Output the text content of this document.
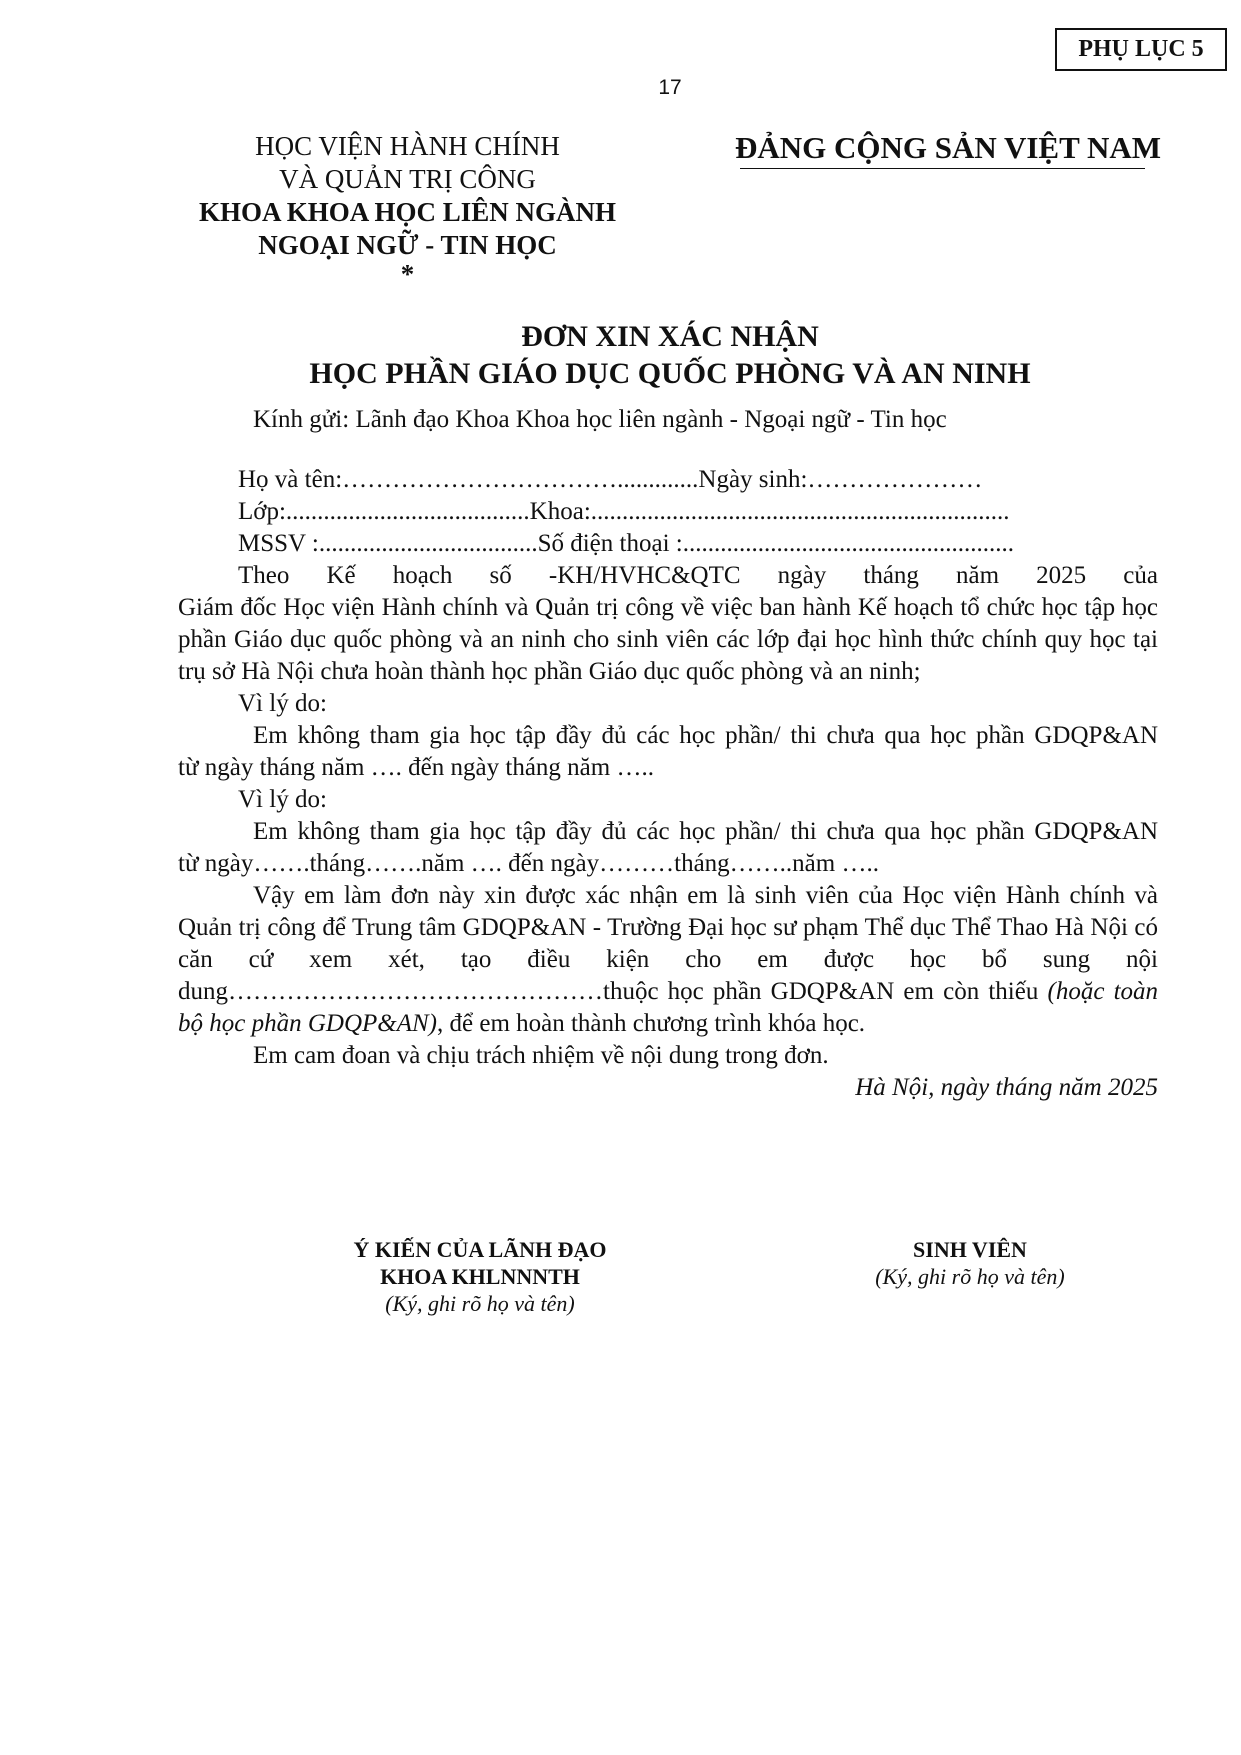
PHỤ LỤC 5
17
HỌC VIỆN HÀNH CHÍNH
VÀ QUẢN TRỊ CÔNG
KHOA KHOA HỌC LIÊN NGÀNH
NGOẠI NGỮ - TIN HỌC
*
ĐẢNG CỘNG SẢN VIỆT NAM
ĐƠN XIN XÁC NHẬN
HỌC PHẦN GIÁO DỤC QUỐC PHÒNG VÀ AN NINH
Kính gửi: Lãnh đạo Khoa Khoa học liên ngành - Ngoại ngữ - Tin học
Họ và tên:…………………………….............Ngày sinh:…………………
Lớp:.......................................Khoa:...................................................................
MSSV :...................................Số điện thoại :.....................................................
Theo Kế hoạch số -KH/HVHC&QTC ngày tháng năm 2025 của
Giám đốc Học viện Hành chính và Quản trị công về việc ban hành Kế hoạch tổ chức học tập học phần Giáo dục quốc phòng và an ninh cho sinh viên các lớp đại học hình thức chính quy học tại trụ sở Hà Nội chưa hoàn thành học phần Giáo dục quốc phòng và an ninh;
Vì lý do:
Em không tham gia học tập đầy đủ các học phần/ thi chưa qua học phần GDQP&AN
từ ngày tháng năm …. đến ngày tháng năm …..
Vì lý do:
Em không tham gia học tập đầy đủ các học phần/ thi chưa qua học phần GDQP&AN
từ ngày…….tháng…….năm …. đến ngày………tháng……..năm …..
Vậy em làm đơn này xin được xác nhận em là sinh viên của Học viện Hành chính và Quản trị công để Trung tâm GDQP&AN - Trường Đại học sư phạm Thể dục Thể Thao Hà Nội có căn cứ xem xét, tạo điều kiện cho em được học bổ sung nội dung………………………………………thuộc học phần GDQP&AN em còn thiếu (hoặc toàn bộ học phần GDQP&AN), để em hoàn thành chương trình khóa học.
Em cam đoan và chịu trách nhiệm về nội dung trong đơn.
Hà Nội, ngày tháng năm 2025
Ý KIẾN CỦA LÃNH ĐẠO
KHOA KHLNNNTH
(Ký, ghi rõ họ và tên)
SINH VIÊN
(Ký, ghi rõ họ và tên)
